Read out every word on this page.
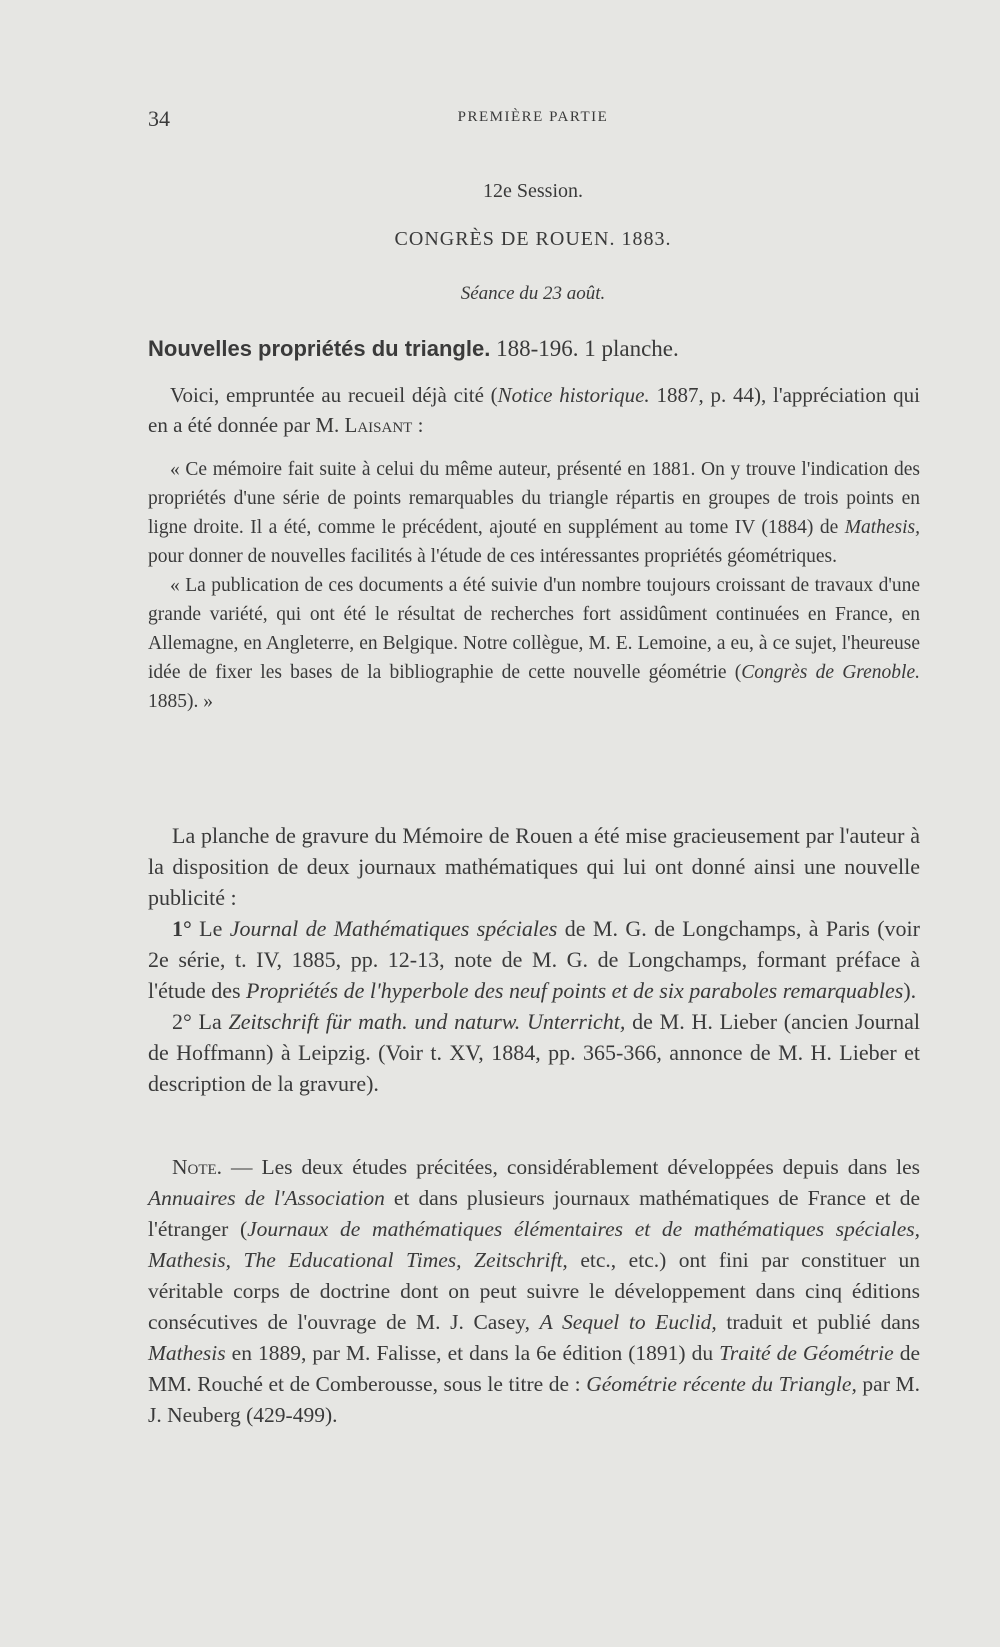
34	PREMIÈRE PARTIE
12e Session.
CONGRÈS DE ROUEN. 1883.
Séance du 23 août.
Nouvelles propriétés du triangle. 188-196. 1 planche.

Voici, empruntée au recueil déjà cité (Notice historique. 1887, p. 44), l'appréciation qui en a été donnée par M. Laisant :

« Ce mémoire fait suite à celui du même auteur, présenté en 1881. On y trouve l'indication des propriétés d'une série de points remarquables du triangle répartis en groupes de trois points en ligne droite. Il a été, comme le précédent, ajouté en supplément au tome IV (1884) de Mathesis, pour donner de nouvelles facilités à l'étude de ces intéressantes propriétés géométriques.

« La publication de ces documents a été suivie d'un nombre toujours croissant de travaux d'une grande variété, qui ont été le résultat de recherches fort assidûment continuées en France, en Allemagne, en Angleterre, en Belgique. Notre collègue, M. E. Lemoine, a eu, à ce sujet, l'heureuse idée de fixer les bases de la bibliographie de cette nouvelle géométrie (Congrès de Grenoble. 1885). »

La planche de gravure du Mémoire de Rouen a été mise gracieusement par l'auteur à la disposition de deux journaux mathématiques qui lui ont donné ainsi une nouvelle publicité :

1° Le Journal de Mathématiques spéciales de M. G. de Longchamps, à Paris (voir 2e série, t. IV, 1885, pp. 12-13, note de M. G. de Longchamps, formant préface à l'étude des Propriétés de l'hyperbole des neuf points et de six paraboles remarquables).

2° La Zeitschrift für math. und naturw. Unterricht, de M. H. Lieber (ancien Journal de Hoffmann) à Leipzig. (Voir t. XV, 1884, pp. 365-366, annonce de M. H. Lieber et description de la gravure).

Note. — Les deux études précitées, considérablement développées depuis dans les Annuaires de l'Association et dans plusieurs journaux mathématiques de France et de l'étranger (Journaux de mathématiques élémentaires et de mathématiques spéciales, Mathesis, The Educational Times, Zeitschrift, etc., etc.) ont fini par constituer un véritable corps de doctrine dont on peut suivre le développement dans cinq éditions consécutives de l'ouvrage de M. J. Casey, A Sequel to Euclid, traduit et publié dans Mathesis en 1889, par M. Falisse, et dans la 6e édition (1891) du Traité de Géométrie de MM. Rouché et de Comberousse, sous le titre de : Géométrie récente du Triangle, par M. J. Neuberg (429-499).
